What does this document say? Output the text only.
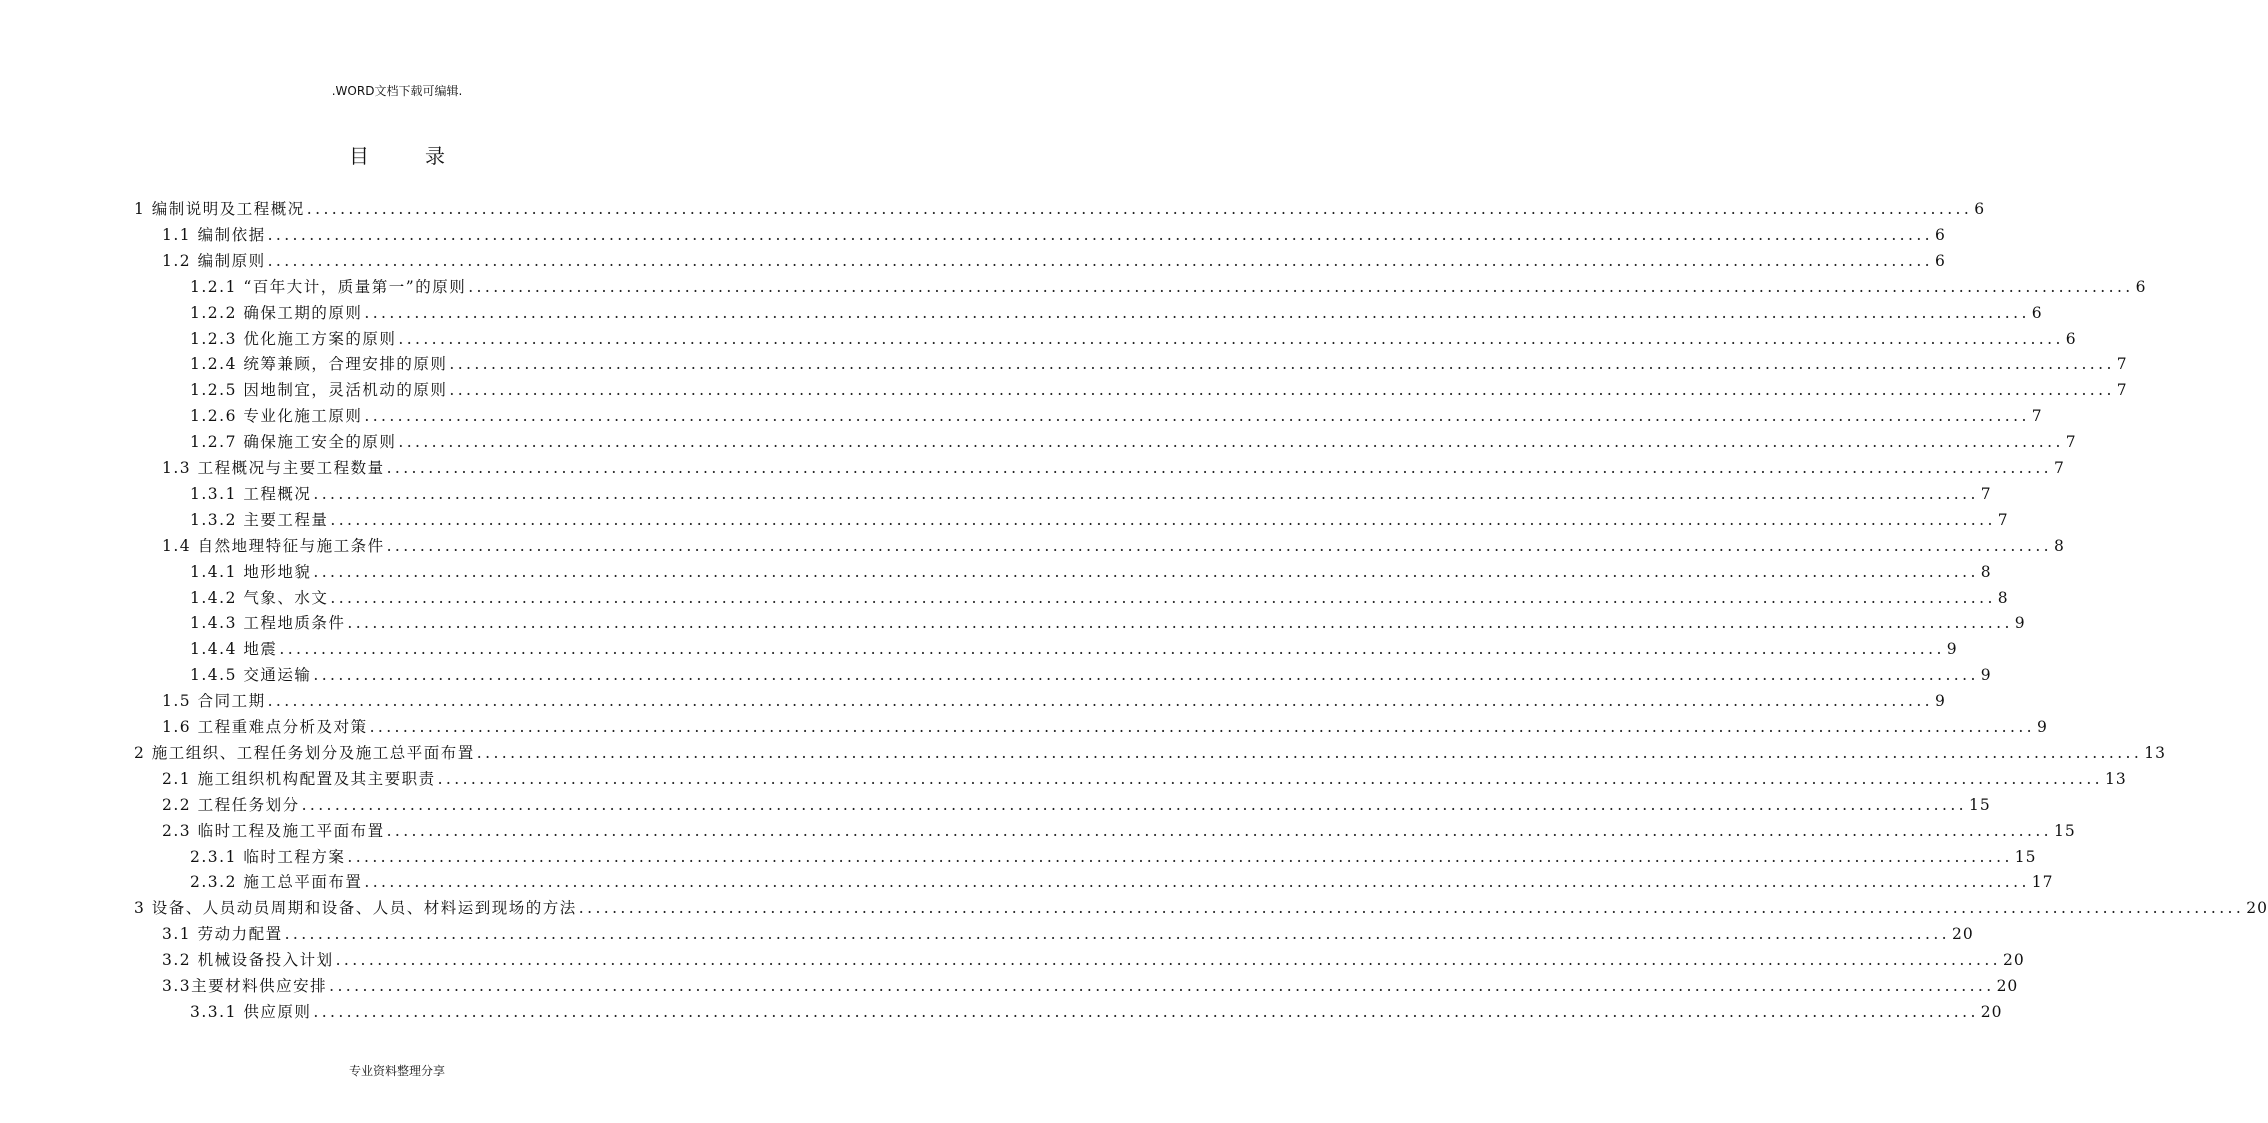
.WORD文档下载可编辑.
目录
1 编制说明及工程概况 ........................................................................................................................................................................................................ 6
1.1 编制依据 ........................................................................................................................................................................................................ 6
1.2 编制原则 ........................................................................................................................................................................................................ 6
1.2.1 “百年大计，质量第一”的原则 ........................................................................................................................................................................................................ 6
1.2.2 确保工期的原则 ........................................................................................................................................................................................................ 6
1.2.3 优化施工方案的原则 ........................................................................................................................................................................................................ 6
1.2.4 统筹兼顾，合理安排的原则 ........................................................................................................................................................................................................ 7
1.2.5 因地制宜，灵活机动的原则 ........................................................................................................................................................................................................ 7
1.2.6 专业化施工原则 ........................................................................................................................................................................................................ 7
1.2.7 确保施工安全的原则 ........................................................................................................................................................................................................ 7
1.3 工程概况与主要工程数量 ........................................................................................................................................................................................................ 7
1.3.1 工程概况 ........................................................................................................................................................................................................ 7
1.3.2 主要工程量 ........................................................................................................................................................................................................ 7
1.4 自然地理特征与施工条件 ........................................................................................................................................................................................................ 8
1.4.1 地形地貌 ........................................................................................................................................................................................................ 8
1.4.2 气象、水文 ........................................................................................................................................................................................................ 8
1.4.3 工程地质条件 ........................................................................................................................................................................................................ 9
1.4.4 地震 ........................................................................................................................................................................................................ 9
1.4.5 交通运输 ........................................................................................................................................................................................................ 9
1.5 合同工期 ........................................................................................................................................................................................................ 9
1.6 工程重难点分析及对策 ........................................................................................................................................................................................................ 9
2 施工组织、工程任务划分及施工总平面布置 ........................................................................................................................................................................................................ 13
2.1 施工组织机构配置及其主要职责 ........................................................................................................................................................................................................ 13
2.2 工程任务划分 ........................................................................................................................................................................................................ 15
2.3 临时工程及施工平面布置 ........................................................................................................................................................................................................ 15
2.3.1 临时工程方案 ........................................................................................................................................................................................................ 15
2.3.2 施工总平面布置 ........................................................................................................................................................................................................ 17
3 设备、人员动员周期和设备、人员、材料运到现场的方法 ........................................................................................................................................................................................................ 20
3.1 劳动力配置 ........................................................................................................................................................................................................ 20
3.2 机械设备投入计划 ........................................................................................................................................................................................................ 20
3.3主要材料供应安排 ........................................................................................................................................................................................................ 20
3.3.1 供应原则 ........................................................................................................................................................................................................ 20
专业资料整理分享
